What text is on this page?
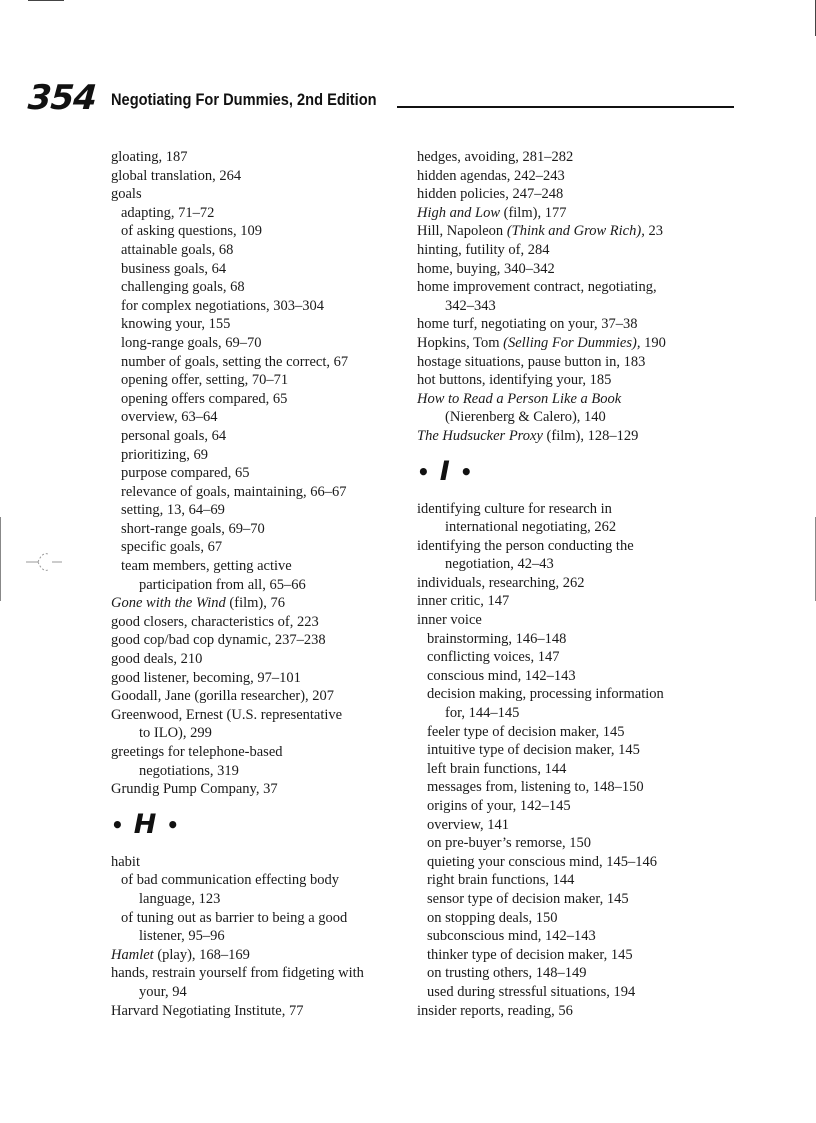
354 Negotiating For Dummies, 2nd Edition
gloating, 187
global translation, 264
goals
adapting, 71–72
of asking questions, 109
attainable goals, 68
business goals, 64
challenging goals, 68
for complex negotiations, 303–304
knowing your, 155
long-range goals, 69–70
number of goals, setting the correct, 67
opening offer, setting, 70–71
opening offers compared, 65
overview, 63–64
personal goals, 64
prioritizing, 69
purpose compared, 65
relevance of goals, maintaining, 66–67
setting, 13, 64–69
short-range goals, 69–70
specific goals, 67
team members, getting active
participation from all, 65–66
Gone with the Wind (film), 76
good closers, characteristics of, 223
good cop/bad cop dynamic, 237–238
good deals, 210
good listener, becoming, 97–101
Goodall, Jane (gorilla researcher), 207
Greenwood, Ernest (U.S. representative
to ILO), 299
greetings for telephone-based
negotiations, 319
Grundig Pump Company, 37
• H •
habit
of bad communication effecting body
language, 123
of tuning out as barrier to being a good
listener, 95–96
Hamlet (play), 168–169
hands, restrain yourself from fidgeting with
your, 94
Harvard Negotiating Institute, 77
hedges, avoiding, 281–282
hidden agendas, 242–243
hidden policies, 247–248
High and Low (film), 177
Hill, Napoleon (Think and Grow Rich), 23
hinting, futility of, 284
home, buying, 340–342
home improvement contract, negotiating,
342–343
home turf, negotiating on your, 37–38
Hopkins, Tom (Selling For Dummies), 190
hostage situations, pause button in, 183
hot buttons, identifying your, 185
How to Read a Person Like a Book
(Nierenberg & Calero), 140
The Hudsucker Proxy (film), 128–129
• I •
identifying culture for research in
international negotiating, 262
identifying the person conducting the
negotiation, 42–43
individuals, researching, 262
inner critic, 147
inner voice
brainstorming, 146–148
conflicting voices, 147
conscious mind, 142–143
decision making, processing information
for, 144–145
feeler type of decision maker, 145
intuitive type of decision maker, 145
left brain functions, 144
messages from, listening to, 148–150
origins of your, 142–145
overview, 141
on pre-buyer’s remorse, 150
quieting your conscious mind, 145–146
right brain functions, 144
sensor type of decision maker, 145
on stopping deals, 150
subconscious mind, 142–143
thinker type of decision maker, 145
on trusting others, 148–149
used during stressful situations, 194
insider reports, reading, 56
